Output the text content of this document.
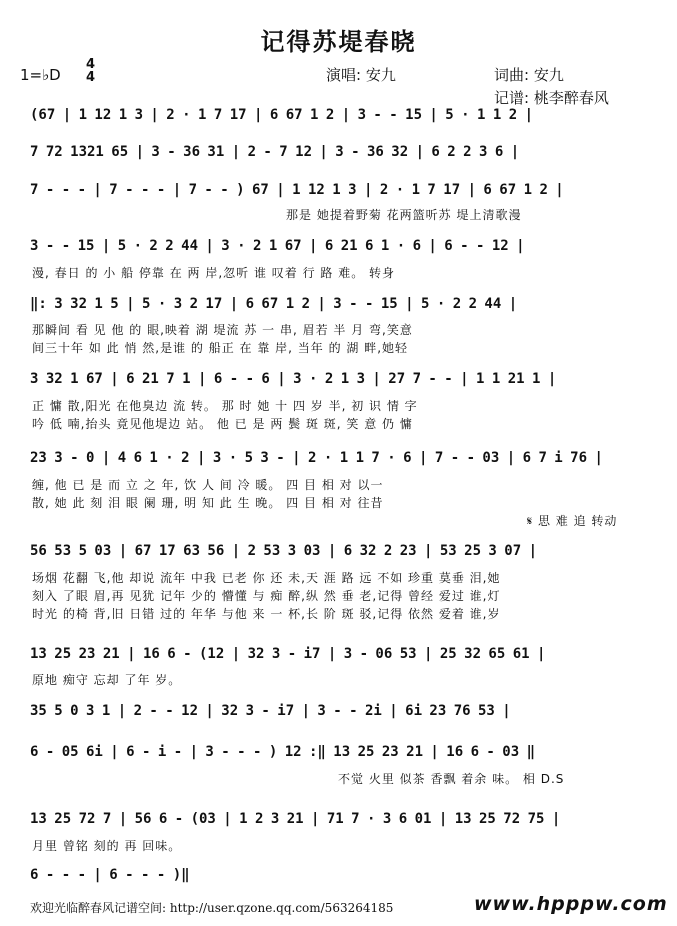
记得苏堤春晓
1=♭D
4
4	演唱: 安九	词曲: 安九
记谱: 桃李醉春风
(67 | 1 12 1 3 | 2 · 1 7 17 | 6 67 1 2 | 3 - - 15 | 5 · 1 1 2 |
7 72 1321 65 | 3 - 36 31 | 2 - 7 12 | 3 - 36 32 | 6 2 2 3 6 |
7 - - - | 7 - - - | 7 - - ) 67 | 1 12 1 3 | 2 · 1 7 17 | 6 67 1 2 |
那是 她提着野菊 花两篮听苏 堤上清歌漫
3 - - 15 | 5 · 2 2 44 | 3 · 2 1 67 | 6 21 6 1 · 6 | 6 - - 12 |
漫, 春日 的 小 船 停靠 在 两 岸,忽听 谁 叹着 行 路 难。 转身
‖: 3 32 1 5 | 5 · 3 2 17 | 6 67 1 2 | 3 - - 15 | 5 · 2 2 44 |
那瞬间 看 见 他 的 眼,映着 湖 堤流 苏 一 串, 眉若 半 月 弯,笑意
间三十年 如 此 悄 然,是谁 的 船正 在 靠 岸, 当年 的 湖 畔,她轻
3 32 1 67 | 6 21 7 1 | 6 - - 6 | 3 · 2 1 3 | 27 7 - - | 1 1 21 1 |
正 慵 散,阳光 在他臭边 流 转。 那 时 她 十 四 岁 半, 初 识 情 字
吟 低 喃,抬头 竟见他堤边 站。 他 已 是 两 鬓 斑 斑, 笑 意 仍 慵
23 3 - 0 | 4 6 1 · 2 | 3 · 5 3 - | 2 · 1 1 7 · 6 | 7 - - 03 | 6 7 i 76 |
缠, 他 已 是 而 立 之 年, 饮 人 间 冷 暖。 四 目 相 对 以一
散, 她 此 刻 泪 眼 阑 珊, 明 知 此 生 晚。 四 目 相 对 往昔
𝄋 思 难 追 转动
56 53 5 03 | 67 17 63 56 | 2 53 3 03 | 6 32 2 23 | 53 25 3 07 |
场烟 花翻 飞,他 却说 流年 中我 已老 你 还 未,天 涯 路 远 不如 珍重 莫垂 泪,她
刻入 了眼 眉,再 见犹 记年 少的 懵懂 与 痴 醉,纵 然 垂 老,记得 曾经 爱过 谁,灯
时光 的椅 背,旧 日错 过的 年华 与他 来 一 杯,长 阶 斑 驳,记得 依然 爱着 谁,岁
13 25 23 21 | 16 6 - (12 | 32 3 - i7 | 3 - 06 53 | 25 32 65 61 |
原地 痴守 忘却 了年 岁。
35 5 0 3 1 | 2 - - 12 | 32 3 - i7 | 3 - - 2i | 6i 23 76 53 |
6 - 05 6i | 6 - i - | 3 - - - ) 12 :‖ 13 25 23 21 | 16 6 - 03 ‖
不觉 火里 似茶 香飘 着余 味。 相 D.S
13 25 72 7 | 56 6 - (03 | 1 2 3 21 | 71 7 · 3 6 01 | 13 25 72 75 |
月里 曾铭 刻的 再 回味。
6 - - - | 6 - - - )‖
欢迎光临醉春风记谱空间: http://user.qzone.qq.com/563264185	www.hpppw.com
